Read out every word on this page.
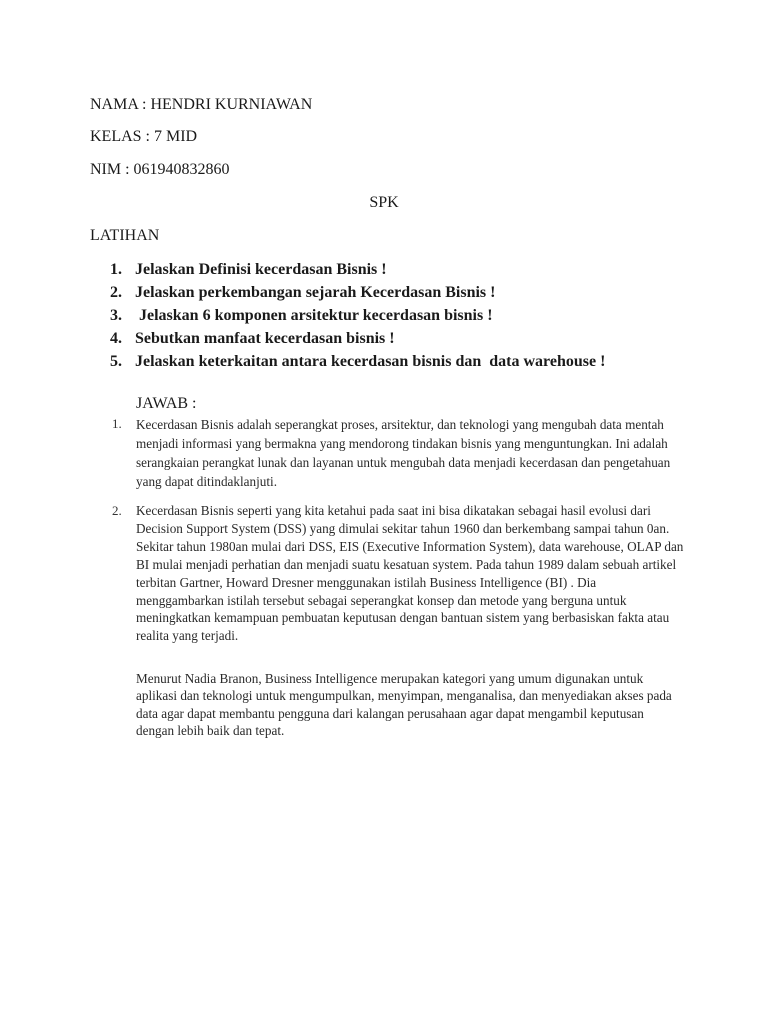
NAMA : HENDRI KURNIAWAN
KELAS : 7 MID
NIM : 061940832860
SPK
LATIHAN
1. Jelaskan Definisi kecerdasan Bisnis !
2. Jelaskan perkembangan sejarah Kecerdasan Bisnis !
3. Jelaskan 6 komponen arsitektur kecerdasan bisnis !
4. Sebutkan manfaat kecerdasan bisnis !
5. Jelaskan keterkaitan antara kecerdasan bisnis dan  data warehouse !
JAWAB :
1.	Kecerdasan Bisnis adalah seperangkat proses, arsitektur, dan teknologi yang mengubah data mentah menjadi informasi yang bermakna yang mendorong tindakan bisnis yang menguntungkan. Ini adalah serangkaian perangkat lunak dan layanan untuk mengubah data menjadi kecerdasan dan pengetahuan yang dapat ditindaklanjuti.

2.	Kecerdasan Bisnis seperti yang kita ketahui pada saat ini bisa dikatakan sebagai hasil evolusi dari Decision Support System (DSS) yang dimulai sekitar tahun 1960 dan berkembang sampai tahun 0an. Sekitar tahun 1980an mulai dari DSS, EIS (Executive Information System), data warehouse, OLAP dan BI mulai menjadi perhatian dan menjadi suatu kesatuan system. Pada tahun 1989 dalam sebuah artikel terbitan Gartner, Howard Dresner menggunakan istilah Business Intelligence (BI) . Dia menggambarkan istilah tersebut sebagai seperangkat konsep dan metode yang berguna untuk meningkatkan kemampuan pembuatan keputusan dengan bantuan sistem yang berbasiskan fakta atau realita yang terjadi.

Menurut Nadia Branon, Business Intelligence merupakan kategori yang umum digunakan untuk aplikasi dan teknologi untuk mengumpulkan, menyimpan, menganalisa, dan menyediakan akses pada data agar dapat membantu pengguna dari kalangan perusahaan agar dapat mengambil keputusan dengan lebih baik dan tepat.
